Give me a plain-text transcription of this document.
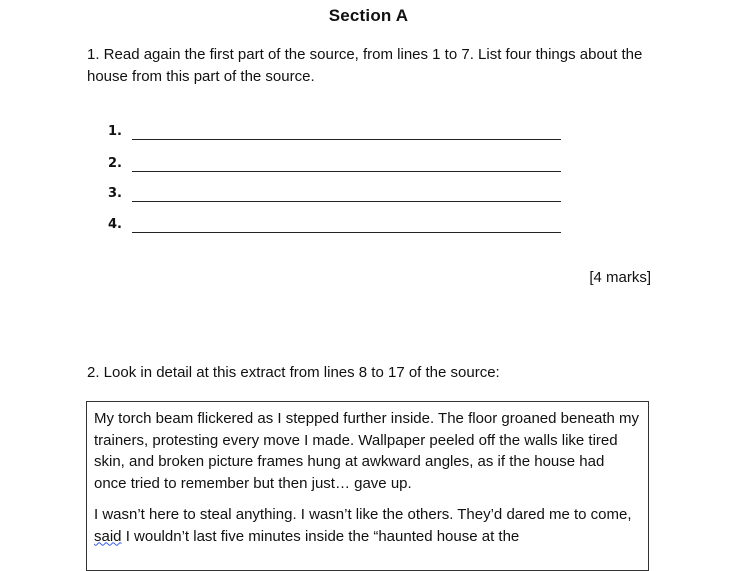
Section A
1. Read again the first part of the source, from lines 1 to 7. List four things about the house from this part of the source.
1.
2.
3.
4.
[4 marks]
2. Look in detail at this extract from lines 8 to 17 of the source:

My torch beam flickered as I stepped further inside. The floor groaned beneath my trainers, protesting every move I made. Wallpaper peeled off the walls like tired skin, and broken picture frames hung at awkward angles, as if the house had once tried to remember but then just… gave up.

I wasn’t here to steal anything. I wasn’t like the others. They’d dared me to come, said I wouldn’t last five minutes inside the “haunted house at the
